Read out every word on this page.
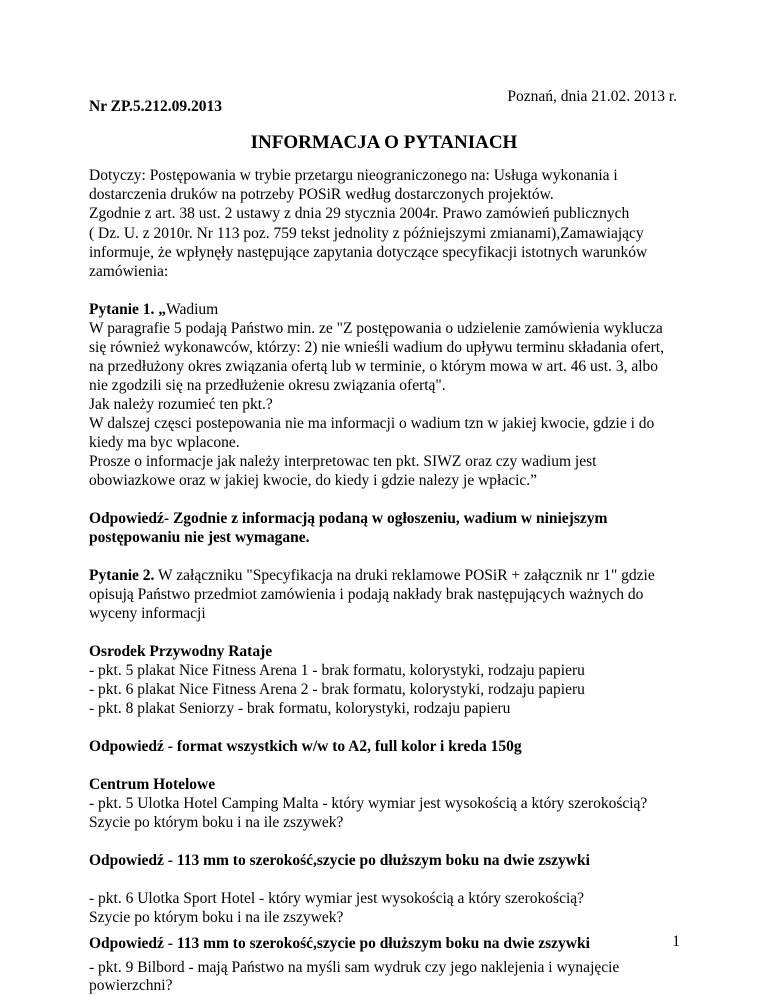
Poznań, dnia 21.02. 2013 r.
Nr ZP.5.212.09.2013
INFORMACJA O PYTANIACH
Dotyczy: Postępowania w trybie przetargu nieograniczonego na: Usługa wykonania i
dostarczenia druków na potrzeby POSiR według dostarczonych projektów.
Zgodnie z art. 38 ust. 2 ustawy z dnia 29 stycznia 2004r. Prawo zamówień publicznych
( Dz. U. z 2010r. Nr 113 poz. 759 tekst jednolity z późniejszymi zmianami),Zamawiający
informuje, że wpłynęły następujące zapytania dotyczące specyfikacji istotnych warunków
zamówienia:
Pytanie 1. „Wadium
W paragrafie 5 podają Państwo min. ze "Z postępowania o udzielenie zamówienia wyklucza
się również wykonawców, którzy: 2) nie wnieśli wadium do upływu terminu składania ofert,
na przedłużony okres związania ofertą lub w terminie, o którym mowa w art. 46 ust. 3, albo
nie zgodzili się na przedłużenie okresu związania ofertą".
Jak należy rozumieć ten pkt.?
W dalszej częsci postepowania nie ma informacji o wadium tzn w jakiej kwocie, gdzie i do
kiedy ma byc wplacone.
Prosze o informacje jak należy interpretowac ten pkt. SIWZ oraz czy wadium jest
obowiazkowe oraz w jakiej kwocie, do kiedy i gdzie nalezy je wpłacic.”
Odpowiedź- Zgodnie z informacją podaną w ogłoszeniu, wadium w niniejszym
postępowaniu nie jest wymagane.
Pytanie 2. W załączniku "Specyfikacja na druki reklamowe POSiR + załącznik nr 1" gdzie
opisują Państwo przedmiot zamówienia i podają nakłady brak następujących ważnych do
wyceny informacji
Osrodek Przywodny Rataje
- pkt. 5 plakat Nice Fitness Arena 1 - brak formatu, kolorystyki, rodzaju papieru
- pkt. 6 plakat Nice Fitness Arena 2 - brak formatu, kolorystyki, rodzaju papieru
- pkt. 8 plakat Seniorzy - brak formatu, kolorystyki, rodzaju papieru
Odpowiedź - format wszystkich w/w to A2, full kolor i kreda 150g
Centrum Hotelowe
- pkt. 5 Ulotka Hotel Camping Malta - który wymiar jest wysokością a który szerokością?
Szycie po którym boku i na ile zszywek?
Odpowiedź - 113 mm to szerokość,szycie po dłuższym boku na dwie zszywki
- pkt. 6 Ulotka Sport Hotel - który wymiar jest wysokością a który szerokością?
Szycie po którym boku i na ile zszywek?
Odpowiedź - 113 mm to szerokość,szycie po dłuższym boku na dwie zszywki
- pkt. 9 Bilbord - mają Państwo na myśli sam wydruk czy jego naklejenia i wynajęcie
powierzchni?
1
